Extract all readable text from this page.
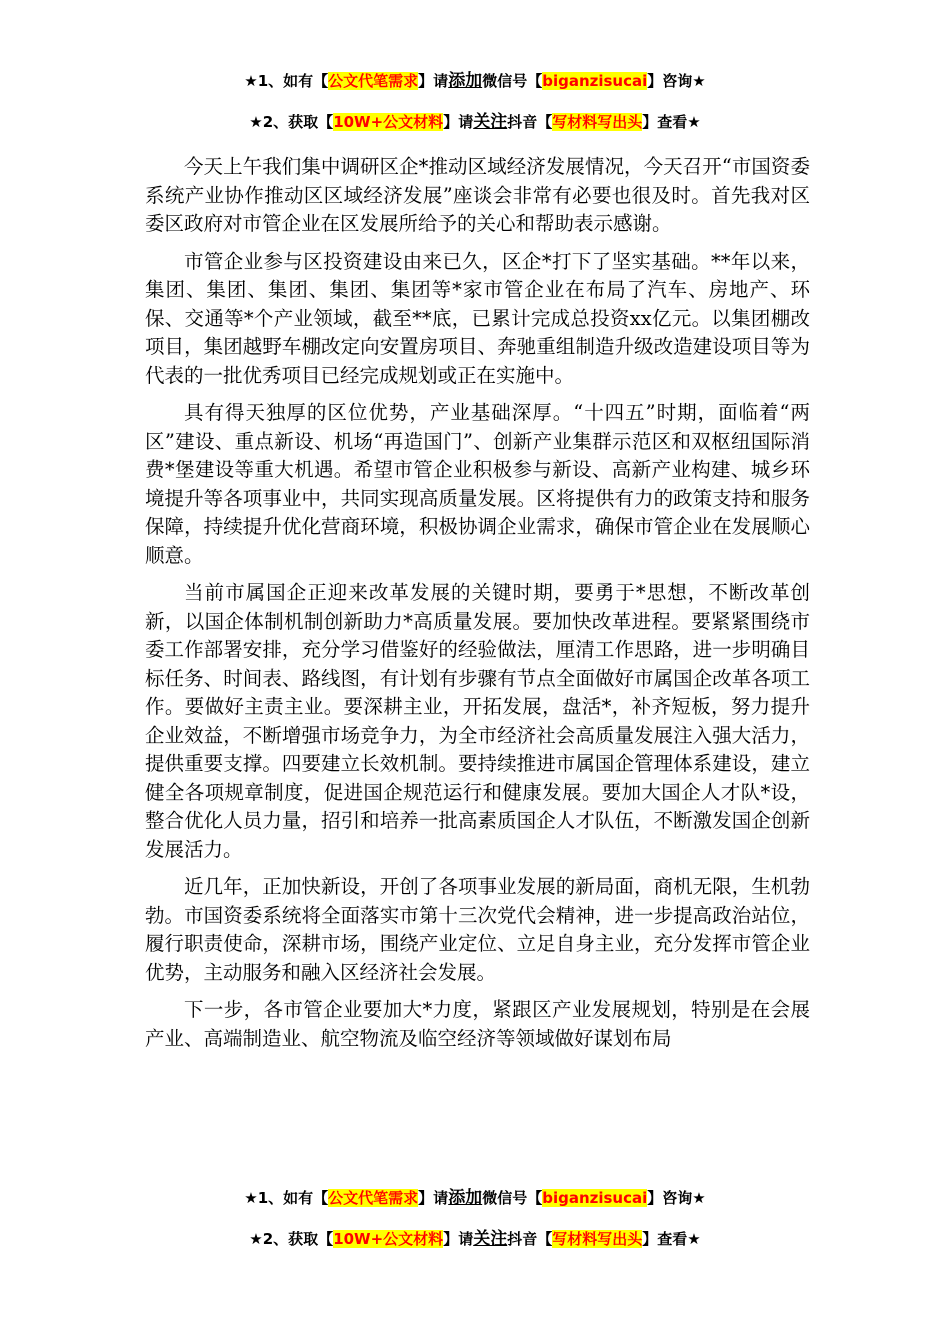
★1、如有【公文代笔需求】请添加微信号【biganzisucai】咨询★
★2、获取【10W+公文材料】请关注抖音【写材料写出头】查看★

今天上午我们集中调研区企*推动区域经济发展情况，今天召开“市国资委系统产业协作推动区区域经济发展”座谈会非常有必要也很及时。首先我对区委区政府对市管企业在区发展所给予的关心和帮助表示感谢。

市管企业参与区投资建设由来已久，区企*打下了坚实基础。**年以来，集团、集团、集团、集团、集团等*家市管企业在布局了汽车、房地产、环保、交通等*个产业领域，截至**底，已累计完成总投资xx亿元。以集团棚改项目，集团越野车棚改定向安置房项目、奔驰重组制造升级改造建设项目等为代表的一批优秀项目已经完成规划或正在实施中。

具有得天独厚的区位优势，产业基础深厚。“十四五”时期，面临着“两区”建设、重点新设、机场“再造国门”、创新产业集群示范区和双枢纽国际消费*堡建设等重大机遇。希望市管企业积极参与新设、高新产业构建、城乡环境提升等各项事业中，共同实现高质量发展。区将提供有力的政策支持和服务保障，持续提升优化营商环境，积极协调企业需求，确保市管企业在发展顺心顺意。

当前市属国企正迎来改革发展的关键时期，要勇于*思想，不断改革创新，以国企体制机制创新助力*高质量发展。要加快改革进程。要紧紧围绕市委工作部署安排，充分学习借鉴好的经验做法，厘清工作思路，进一步明确目标任务、时间表、路线图，有计划有步骤有节点全面做好市属国企改革各项工作。要做好主责主业。要深耕主业，开拓发展，盘活*，补齐短板，努力提升企业效益，不断增强市场竞争力，为全市经济社会高质量发展注入强大活力，提供重要支撑。四要建立长效机制。要持续推进市属国企管理体系建设，建立健全各项规章制度，促进国企规范运行和健康发展。要加大国企人才队*设，整合优化人员力量，招引和培养一批高素质国企人才队伍，不断激发国企创新发展活力。

近几年，正加快新设，开创了各项事业发展的新局面，商机无限，生机勃勃。市国资委系统将全面落实市第十三次党代会精神，进一步提高政治站位，履行职责使命，深耕市场，围绕产业定位、立足自身主业，充分发挥市管企业优势，主动服务和融入区经济社会发展。

下一步，各市管企业要加大*力度，紧跟区产业发展规划，特别是在会展产业、高端制造业、航空物流及临空经济等领域做好谋划布局

★1、如有【公文代笔需求】请添加微信号【biganzisucai】咨询★
★2、获取【10W+公文材料】请关注抖音【写材料写出头】查看★
